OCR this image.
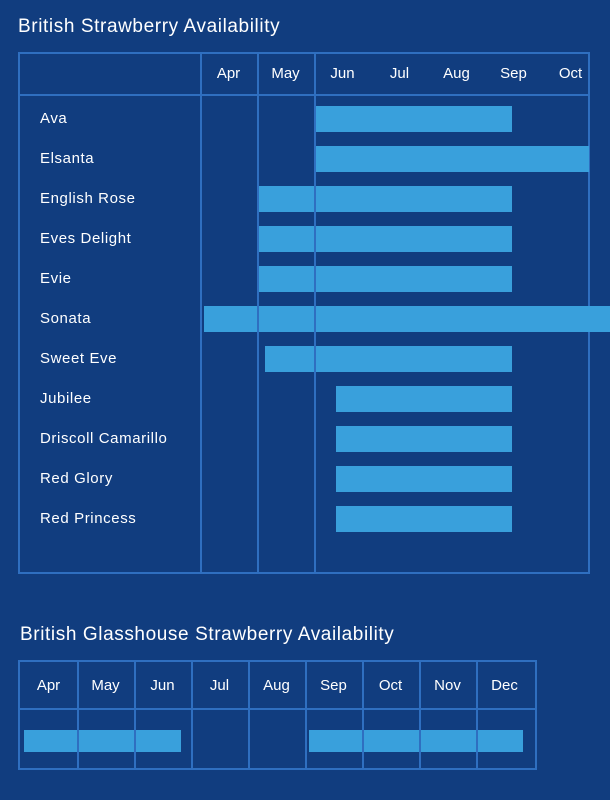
British Strawberry Availability
Apr	May	Jun	Jul	Aug	Sep	Oct
Ava
Elsanta
English Rose
Eves Delight
Evie
Sonata
Sweet Eve
Jubilee
Driscoll Camarillo
Red Glory
Red Princess
British Glasshouse Strawberry Availability
Apr	May	Jun	Jul	Aug	Sep	Oct	Nov	Dec
